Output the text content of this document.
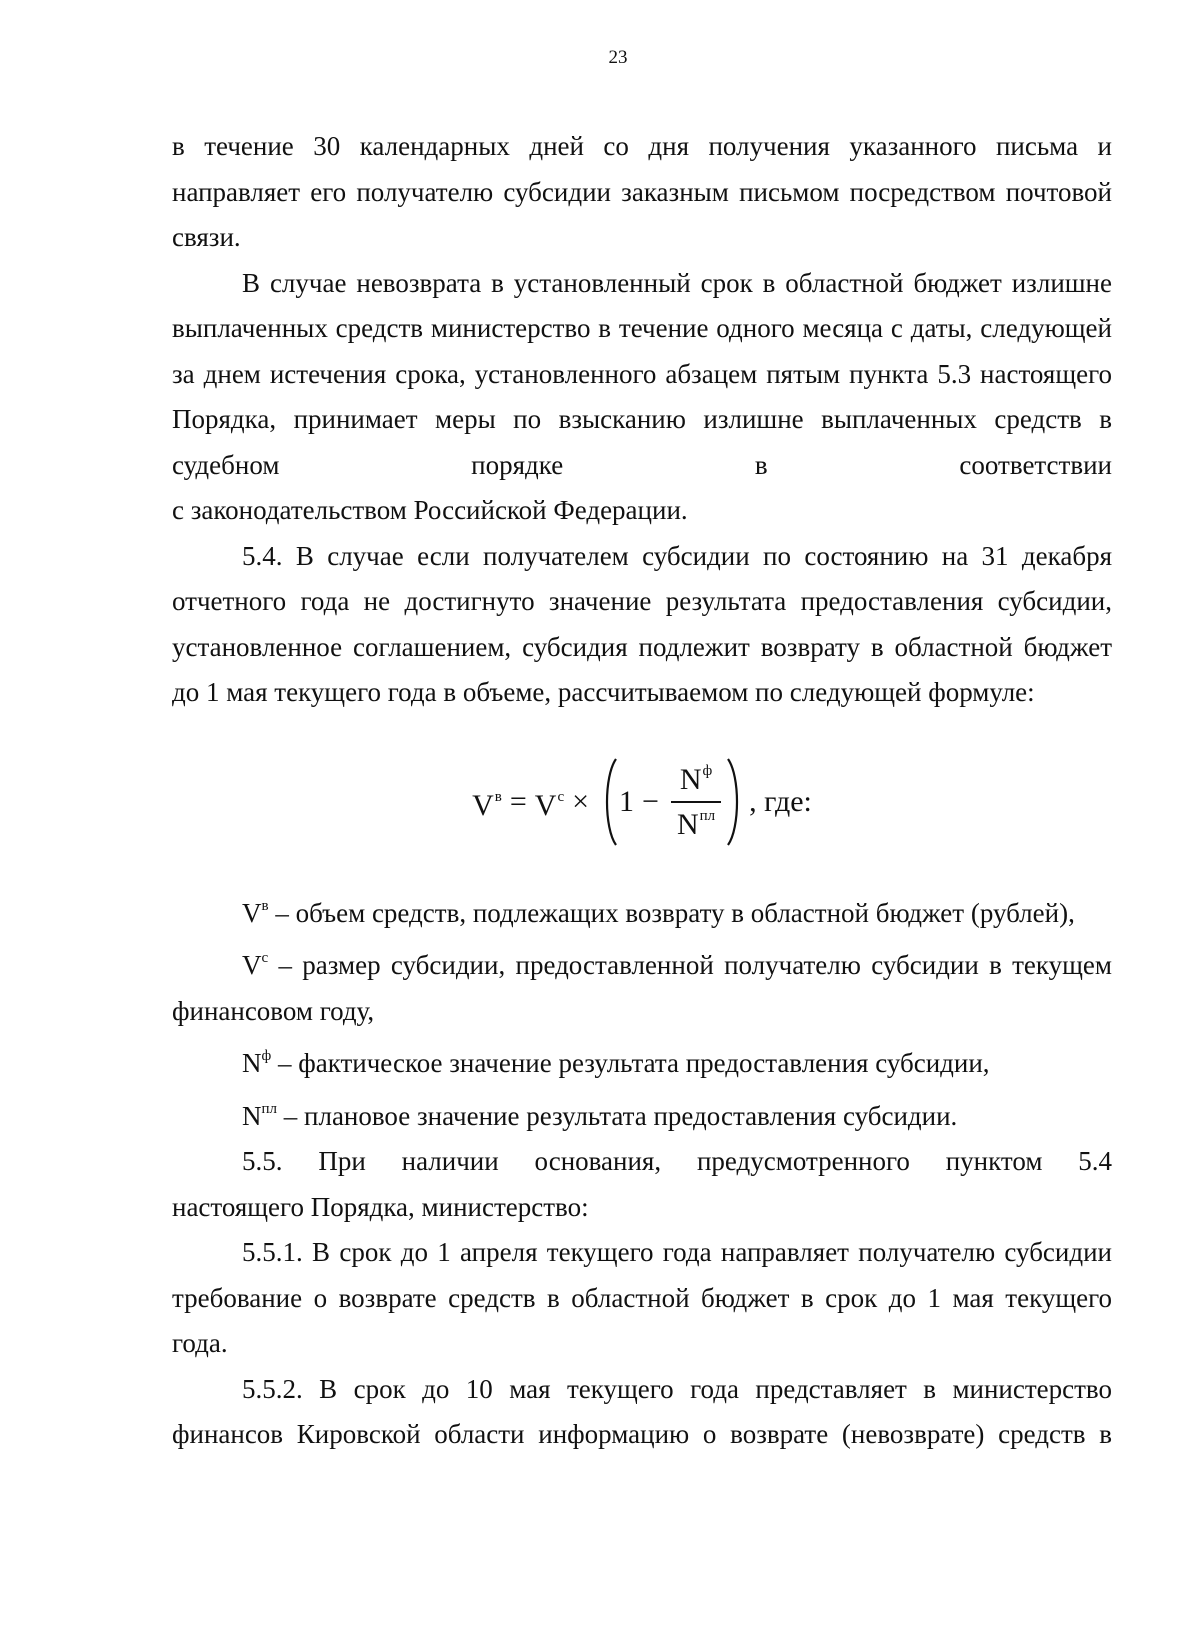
23

в течение 30 календарных дней со дня получения указанного письма и направляет его получателю субсидии заказным письмом посредством почтовой связи.

В случае невозврата в установленный срок в областной бюджет излишне выплаченных средств министерство в течение одного месяца с даты, следующей за днем истечения срока, установленного абзацем пятым пункта 5.3 настоящего Порядка, принимает меры по взысканию излишне выплаченных средств в судебном порядке в соответствии

с законодательством Российской Федерации.

5.4. В случае если получателем субсидии по состоянию на 31 декабря отчетного года не достигнуто значение результата предоставления субсидии, установленное соглашением, субсидия подлежит возврату в областной бюджет до 1 мая текущего года в объеме, рассчитываемом по следующей формуле:

$V^в = V^с \times 1 - \frac{N^ф}{N^{пл}}$ , где:

$V^в$ – объем средств, подлежащих возврату в областной бюджет (рублей),

$V^с$ – размер субсидии, предоставленной получателю субсидии в текущем финансовом году,

$N^ф$ – фактическое значение результата предоставления субсидии,

$N^{пл}$ – плановое значение результата предоставления субсидии.

5.5. При наличии основания, предусмотренного пунктом 5.4

настоящего Порядка, министерство:

5.5.1. В срок до 1 апреля текущего года направляет получателю субсидии требование о возврате средств в областной бюджет в срок до 1 мая текущего года.

5.5.2. В срок до 10 мая текущего года представляет в министерство финансов Кировской области информацию о возврате (невозврате) средств в
